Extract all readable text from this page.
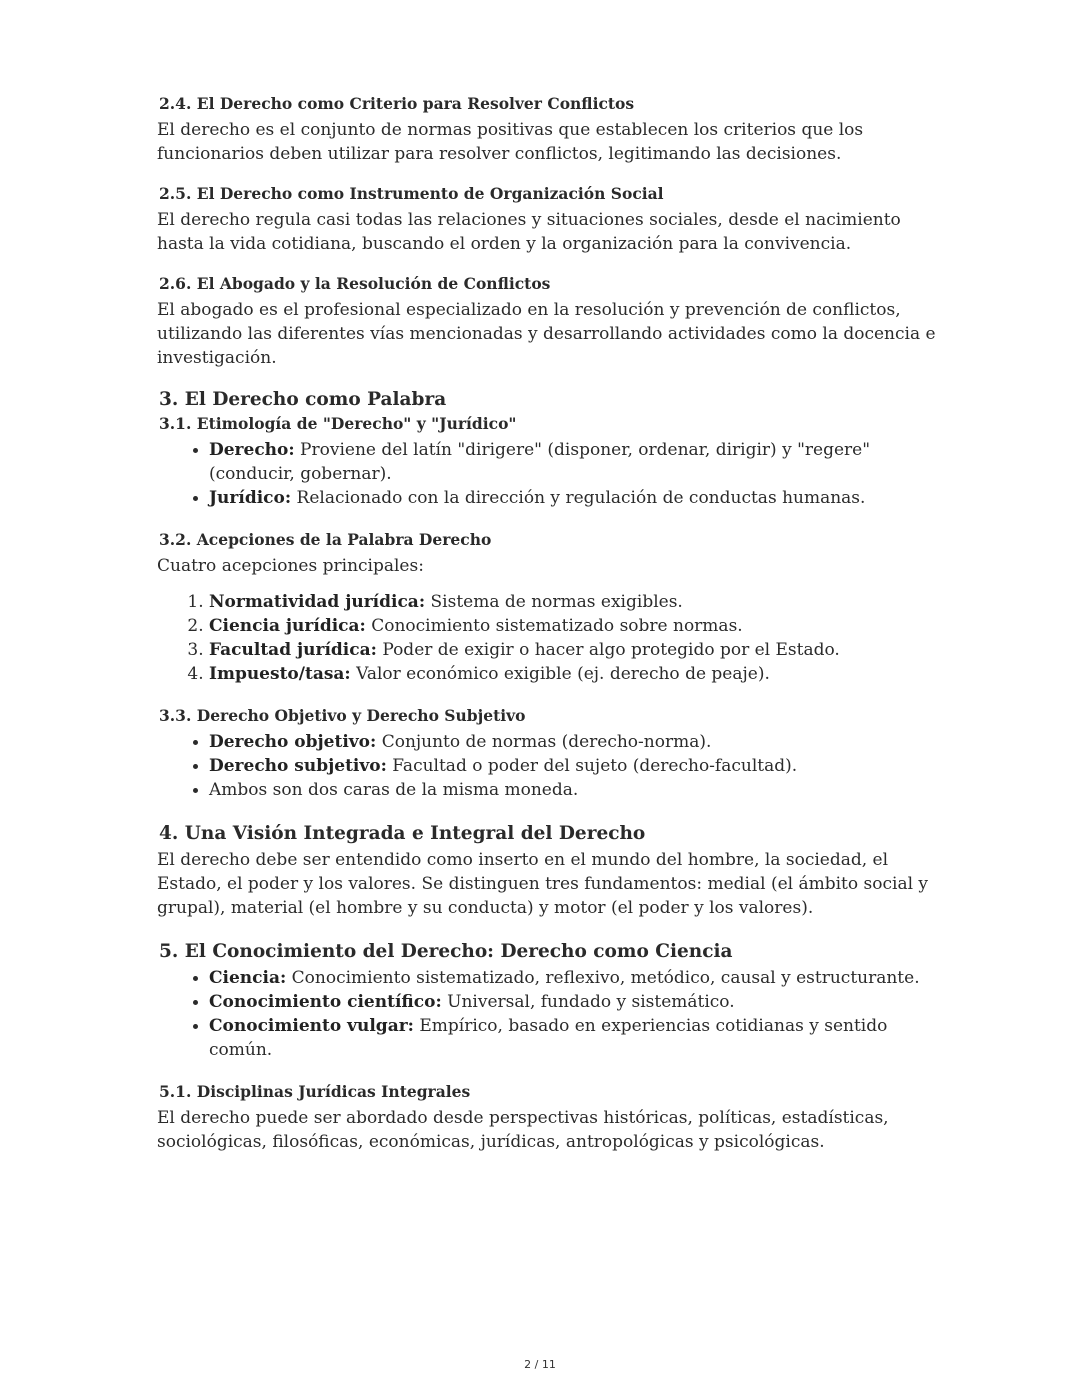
2.4. El Derecho como Criterio para Resolver Conflictos

El derecho es el conjunto de normas positivas que establecen los criterios que los funcionarios deben utilizar para resolver conflictos, legitimando las decisiones.

2.5. El Derecho como Instrumento de Organización Social

El derecho regula casi todas las relaciones y situaciones sociales, desde el nacimiento hasta la vida cotidiana, buscando el orden y la organización para la convivencia.

2.6. El Abogado y la Resolución de Conflictos

El abogado es el profesional especializado en la resolución y prevención de conflictos, utilizando las diferentes vías mencionadas y desarrollando actividades como la docencia e investigación.

3. El Derecho como Palabra
3.1. Etimología de "Derecho" y "Jurídico"
• Derecho: Proviene del latín "dirigere" (disponer, ordenar, dirigir) y "regere" (conducir, gobernar).
• Jurídico: Relacionado con la dirección y regulación de conductas humanas.
3.2. Acepciones de la Palabra Derecho

Cuatro acepciones principales:

1. Normatividad jurídica: Sistema de normas exigibles.
2. Ciencia jurídica: Conocimiento sistematizado sobre normas.
3. Facultad jurídica: Poder de exigir o hacer algo protegido por el Estado.
4. Impuesto/tasa: Valor económico exigible (ej. derecho de peaje).
3.3. Derecho Objetivo y Derecho Subjetivo
• Derecho objetivo: Conjunto de normas (derecho-norma).
• Derecho subjetivo: Facultad o poder del sujeto (derecho-facultad).
• Ambos son dos caras de la misma moneda.
4. Una Visión Integrada e Integral del Derecho

El derecho debe ser entendido como inserto en el mundo del hombre, la sociedad, el Estado, el poder y los valores. Se distinguen tres fundamentos: medial (el ámbito social y grupal), material (el hombre y su conducta) y motor (el poder y los valores).

5. El Conocimiento del Derecho: Derecho como Ciencia
• Ciencia: Conocimiento sistematizado, reflexivo, metódico, causal y estructurante.
• Conocimiento científico: Universal, fundado y sistemático.
• Conocimiento vulgar: Empírico, basado en experiencias cotidianas y sentido común.
5.1. Disciplinas Jurídicas Integrales

El derecho puede ser abordado desde perspectivas históricas, políticas, estadísticas, sociológicas, filosóficas, económicas, jurídicas, antropológicas y psicológicas.

2 / 11
